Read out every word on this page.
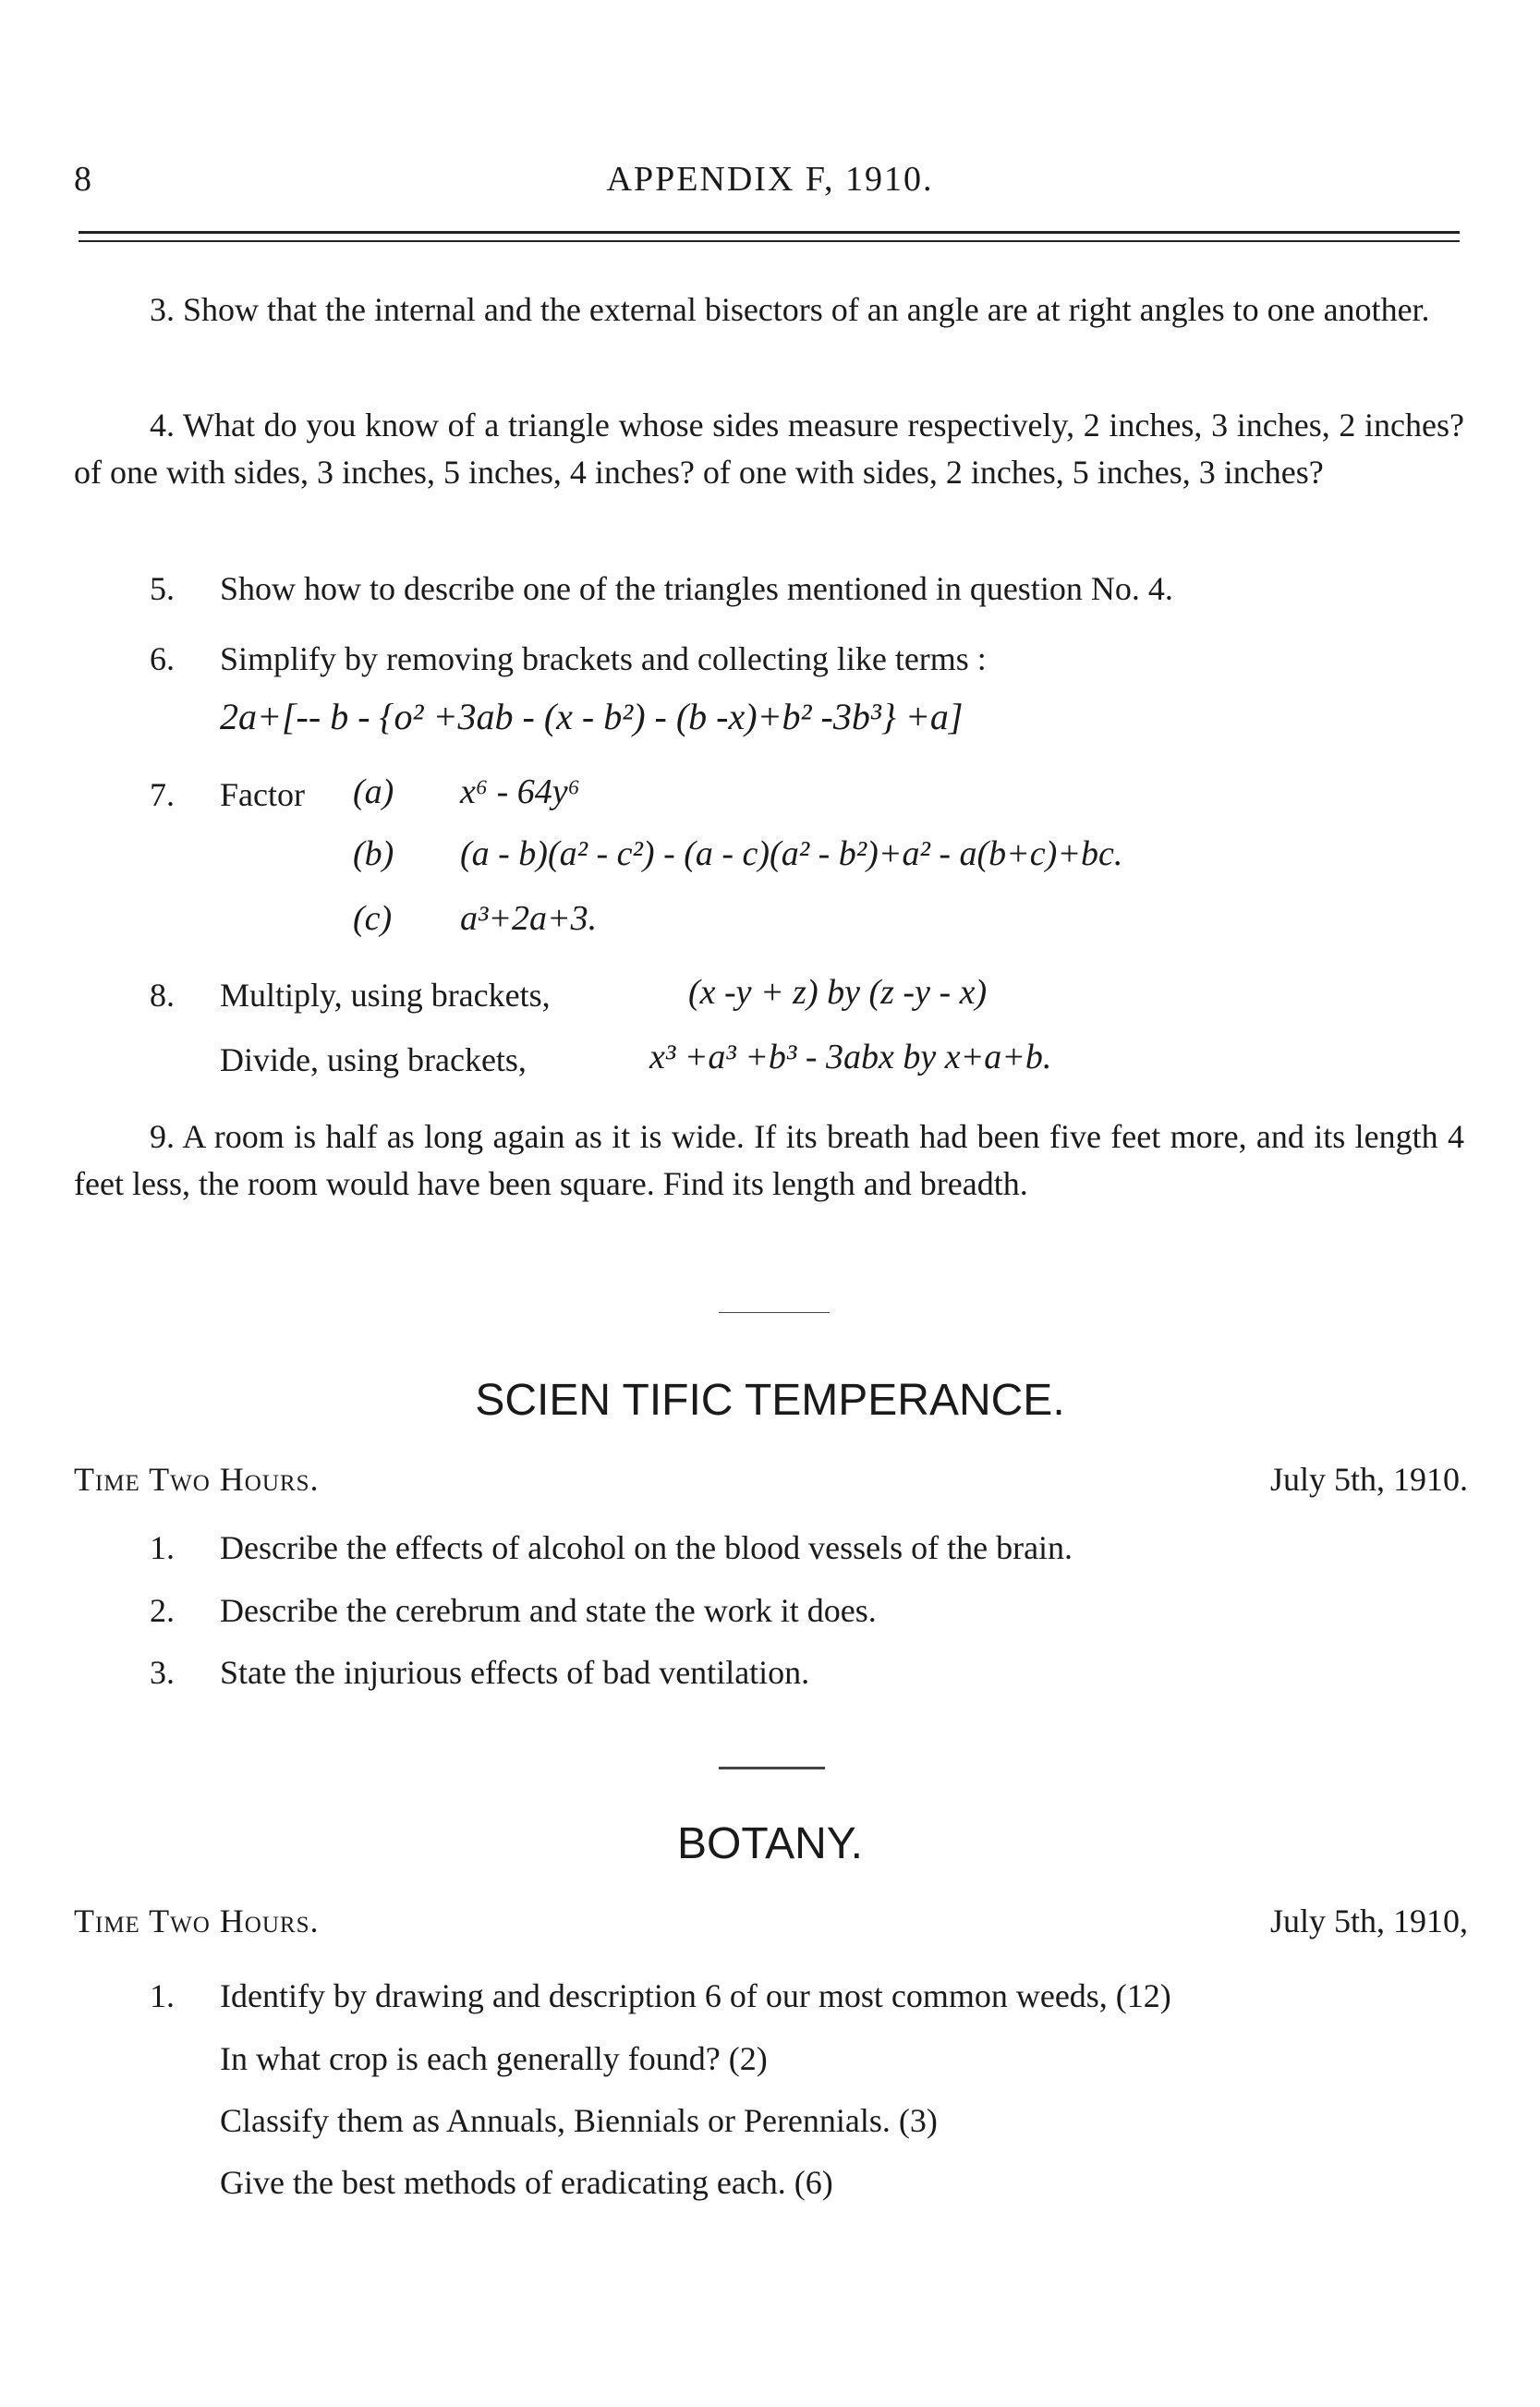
8	APPENDIX F, 1910.
3. Show that the internal and the external bisectors of an angle are at right angles to one another.
4. What do you know of a triangle whose sides measure respectively, 2 inches, 3 inches, 2 inches? of one with sides, 3 inches, 5 inches, 4 inches? of one with sides, 2 inches, 5 inches, 3 inches?
5. Show how to describe one of the triangles mentioned in question No. 4.
6. Simplify by removing brackets and collecting like terms :
2a+[-- b - {o² +3ab - (x - b²) - (b -x)+b² -3b³} +a]
7. Factor (a) x⁶ - 64y⁶
(b) (a - b)(a² - c²) - (a - c)(a² - b²)+a² - a(b+c)+bc.
(c) a³+2a+3.
8. Multiply, using brackets,	(x -y + z) by (z -y - x)
Divide, using brackets,	x³ +a³ +b³ - 3abx by x+a+b.
9. A room is half as long again as it is wide. If its breath had been five feet more, and its length 4 feet less, the room would have been square. Find its length and breadth.
SCIEN TIFIC TEMPERANCE.
Time Two Hours.	July 5th, 1910.
1. Describe the effects of alcohol on the blood vessels of the brain.
2. Describe the cerebrum and state the work it does.
3. State the injurious effects of bad ventilation.
BOTANY.
Time Two Hours.	July 5th, 1910,
1. Identify by drawing and description 6 of our most common weeds, (12)
In what crop is each generally found? (2)
Classify them as Annuals, Biennials or Perennials. (3)
Give the best methods of eradicating each. (6)
